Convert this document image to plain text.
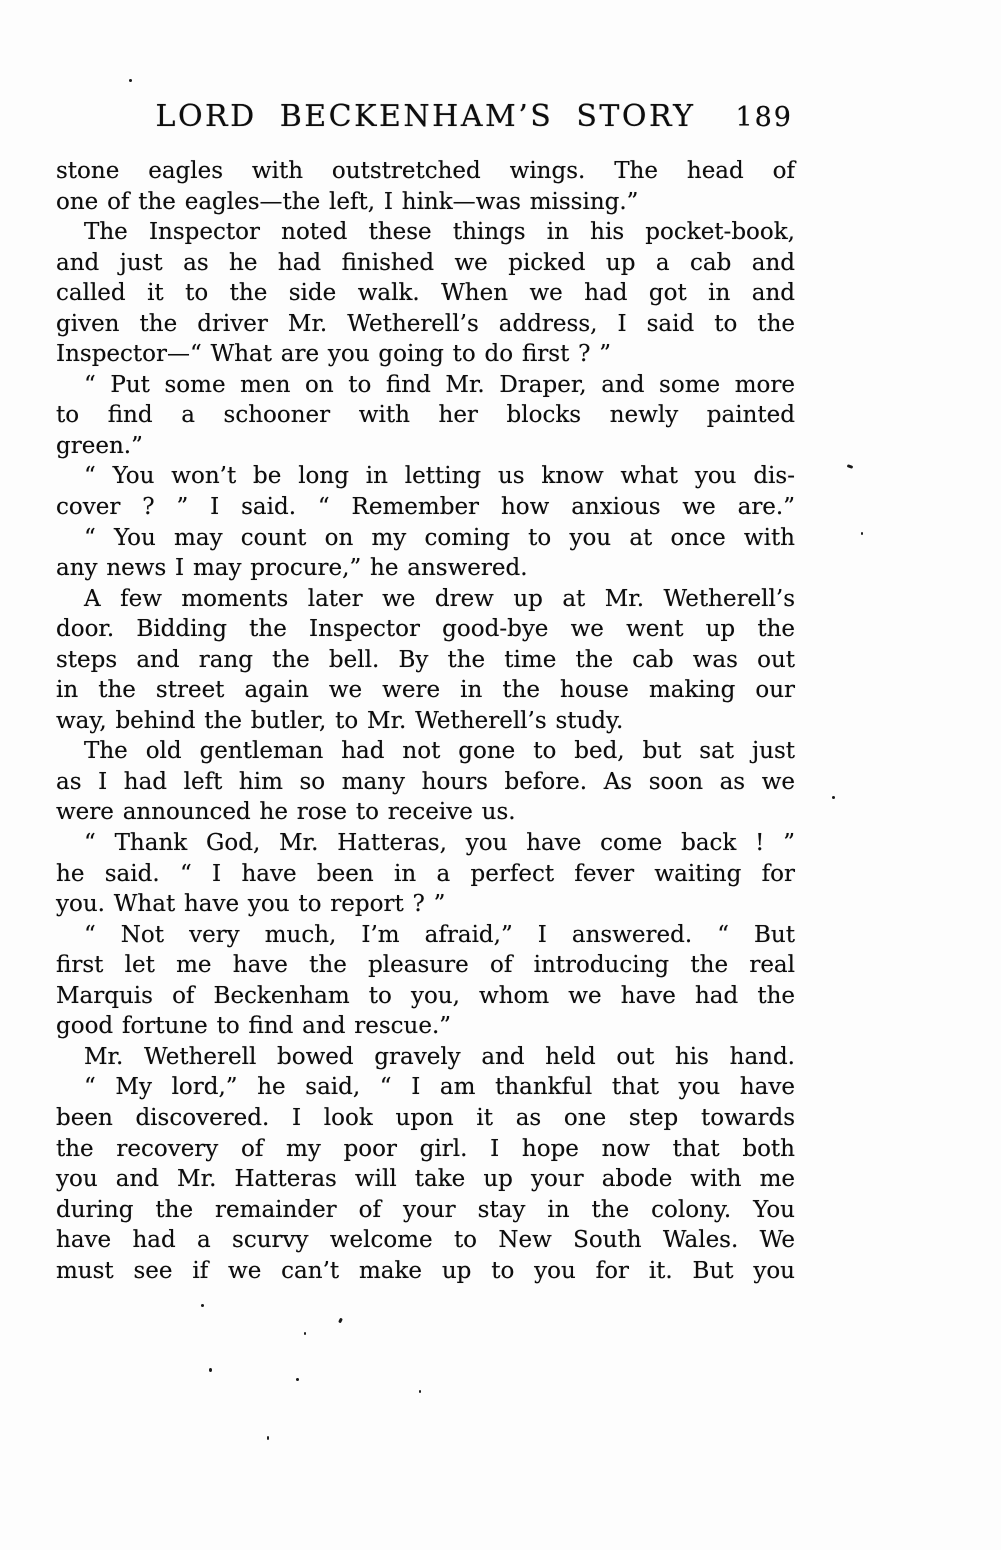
LORD BECKENHAM’S STORY	189
stone eagles with outstretched wings. The head of
one of the eagles—the left, I hink—was missing.”
The Inspector noted these things in his pocket-book,
and just as he had finished we picked up a cab and
called it to the side walk. When we had got in and
given the driver Mr. Wetherell’s address, I said to the
Inspector—“ What are you going to do first ? ”
“ Put some men on to find Mr. Draper, and some more
to find a schooner with her blocks newly painted
green.”
“ You won’t be long in letting us know what you dis-
cover ? ” I said. “ Remember how anxious we are.”
“ You may count on my coming to you at once with
any news I may procure,” he answered.
A few moments later we drew up at Mr. Wetherell’s
door. Bidding the Inspector good-bye we went up the
steps and rang the bell. By the time the cab was out
in the street again we were in the house making our
way, behind the butler, to Mr. Wetherell’s study.
The old gentleman had not gone to bed, but sat just
as I had left him so many hours before. As soon as we
were announced he rose to receive us.
“ Thank God, Mr. Hatteras, you have come back ! ”
he said. “ I have been in a perfect fever waiting for
you. What have you to report ? ”
“ Not very much, I’m afraid,” I answered. “ But
first let me have the pleasure of introducing the real
Marquis of Beckenham to you, whom we have had the
good fortune to find and rescue.”
Mr. Wetherell bowed gravely and held out his hand.
“ My lord,” he said, “ I am thankful that you have
been discovered. I look upon it as one step towards
the recovery of my poor girl. I hope now that both
you and Mr. Hatteras will take up your abode with me
during the remainder of your stay in the colony. You
have had a scurvy welcome to New South Wales. We
must see if we can’t make up to you for it. But you
